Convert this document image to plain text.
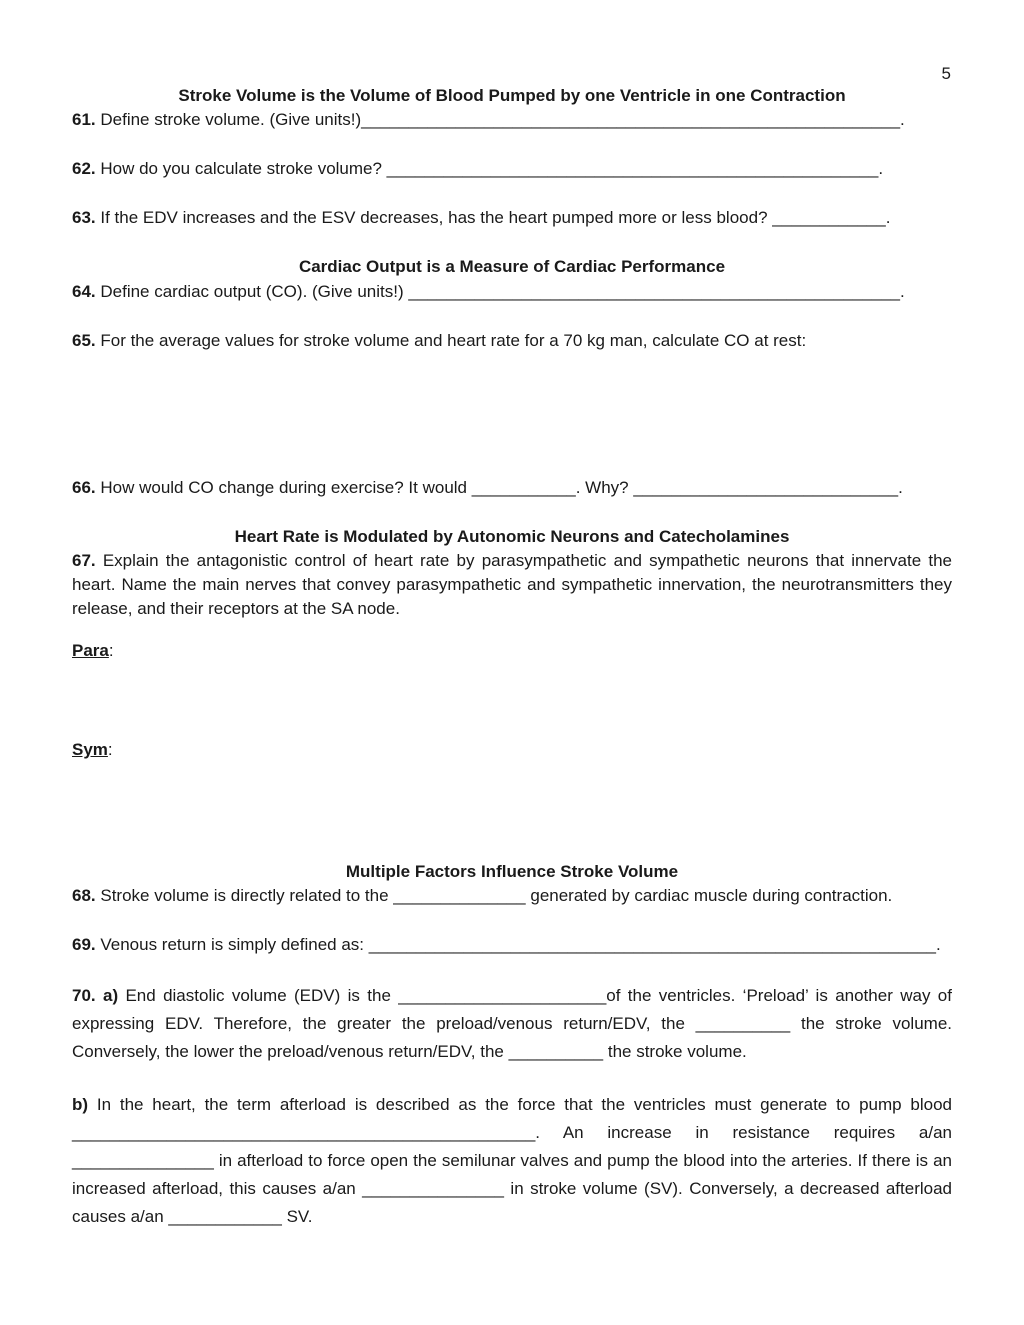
5
Stroke Volume is the Volume of Blood Pumped by one Ventricle in one Contraction
61. Define stroke volume. (Give units!)_________________________________________________________.
62. How do you calculate stroke volume? ____________________________________________________.
63. If the EDV increases and the ESV decreases, has the heart pumped more or less blood? ____________.
Cardiac Output is a Measure of Cardiac Performance
64. Define cardiac output (CO). (Give units!) ____________________________________________________.
65. For the average values for stroke volume and heart rate for a 70 kg man, calculate CO at rest:
66. How would CO change during exercise? It would ___________. Why? ____________________________.
Heart Rate is Modulated by Autonomic Neurons and Catecholamines
67. Explain the antagonistic control of heart rate by parasympathetic and sympathetic neurons that innervate the heart. Name the main nerves that convey parasympathetic and sympathetic innervation, the neurotransmitters they release, and their receptors at the SA node.
Para:
Sym:
Multiple Factors Influence Stroke Volume
68. Stroke volume is directly related to the ______________ generated by cardiac muscle during contraction.
69. Venous return is simply defined as: ____________________________________________________________.
70. a) End diastolic volume (EDV) is the ______________________of the ventricles. ‘Preload’ is another way of expressing EDV. Therefore, the greater the preload/venous return/EDV, the __________ the stroke volume. Conversely, the lower the preload/venous return/EDV, the __________ the stroke volume.
b) In the heart, the term afterload is described as the force that the ventricles must generate to pump blood _________________________________________________. An increase in resistance requires a/an _______________ in afterload to force open the semilunar valves and pump the blood into the arteries. If there is an increased afterload, this causes a/an _______________ in stroke volume (SV). Conversely, a decreased afterload causes a/an ____________ SV.
